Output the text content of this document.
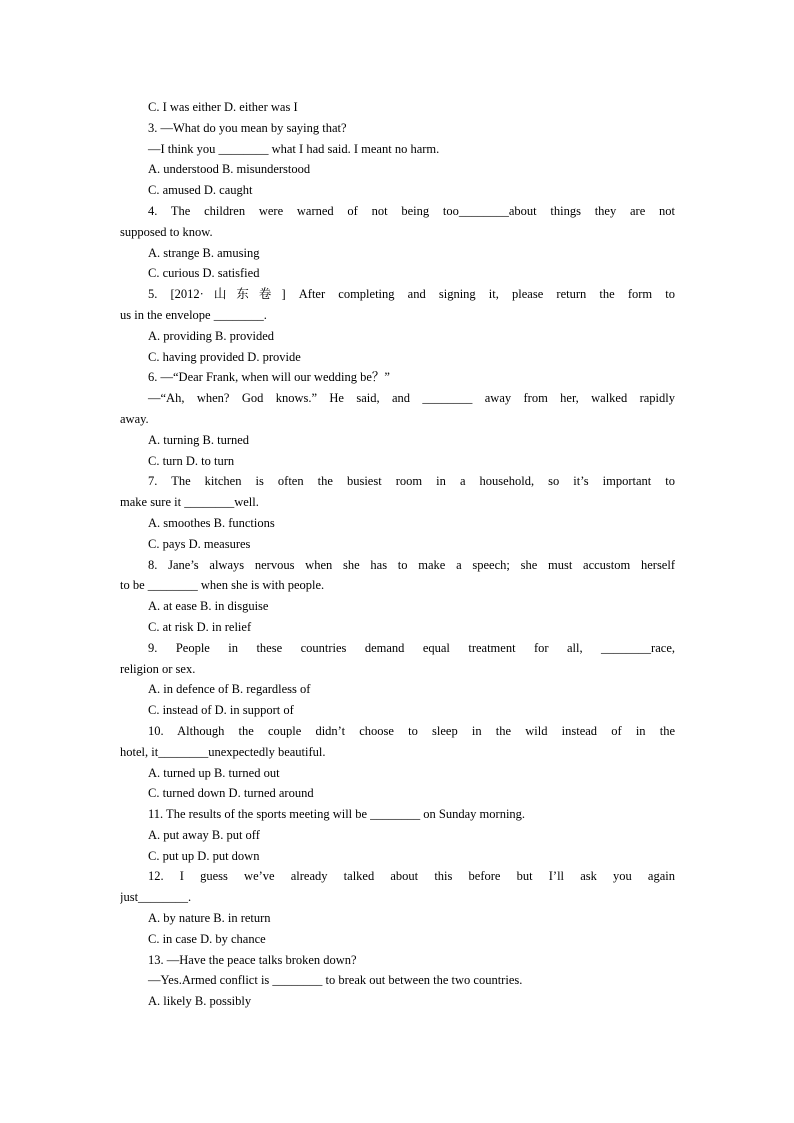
C. I was either D. either was I
3. —What do you mean by saying that?
—I think you ________ what I had said. I meant no harm.
A. understood B. misunderstood
C. amused D. caught
4. The children were warned of not being too________about things they are not
supposed to know.
A. strange B. amusing
C. curious D. satisfied
5. [2012·山东卷] After completing and signing it, please return the form to
us in the envelope ________.
A. providing B. provided
C. having provided D. provide
6. —“Dear Frank, when will our wedding be？”
—“Ah, when? God knows.” He said, and ________ away from her, walked rapidly
away.
A. turning B. turned
C. turn D. to turn
7. The kitchen is often the busiest room in a household, so it’s important to
make sure it ________well.
A. smoothes B. functions
C. pays D. measures
8. Jane’s always nervous when she has to make a speech; she must accustom herself
to be ________ when she is with people.
A. at ease B. in disguise
C. at risk D. in relief
9. People in these countries demand equal treatment for all, ________race,
religion or sex.
A. in defence of B. regardless of
C. instead of D. in support of
10. Although the couple didn’t choose to sleep in the wild instead of in the
hotel, it________unexpectedly beautiful.
A. turned up B. turned out
C. turned down D. turned around
11. The results of the sports meeting will be ________ on Sunday morning.
A. put away B. put off
C. put up D. put down
12. I guess we’ve already talked about this before but I’ll ask you again
just________.
A. by nature B. in return
C. in case D. by chance
13. —Have the peace talks broken down?
—Yes.Armed conflict is ________ to break out between the two countries.
A. likely B. possibly
